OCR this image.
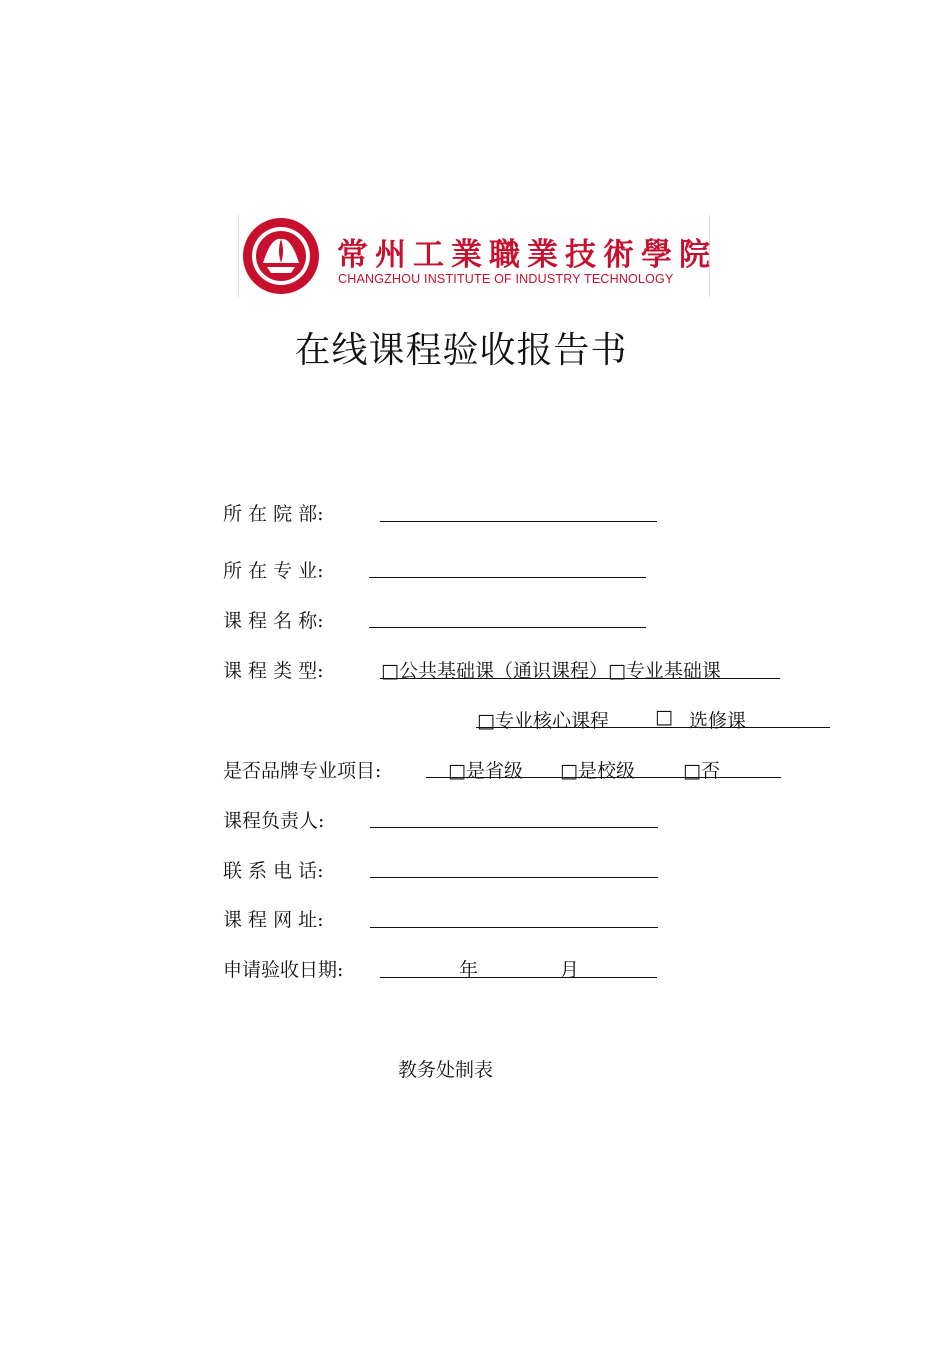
常州工業職業技術學院
CHANGZHOU INSTITUTE OF INDUSTRY TECHNOLOGY
在线课程验收报告书
所 在 院 部:
所 在 专 业:
课 程 名 称:
课 程 类 型:	□公共基础课（通识课程）□专业基础课
□专业核心课程 □ 选修课
是否品牌专业项目:	□是省级 □是校级	□否
课程负责人:
联 系 电 话:
课 程 网 址:
申请验收日期:	年	月
教务处制表
